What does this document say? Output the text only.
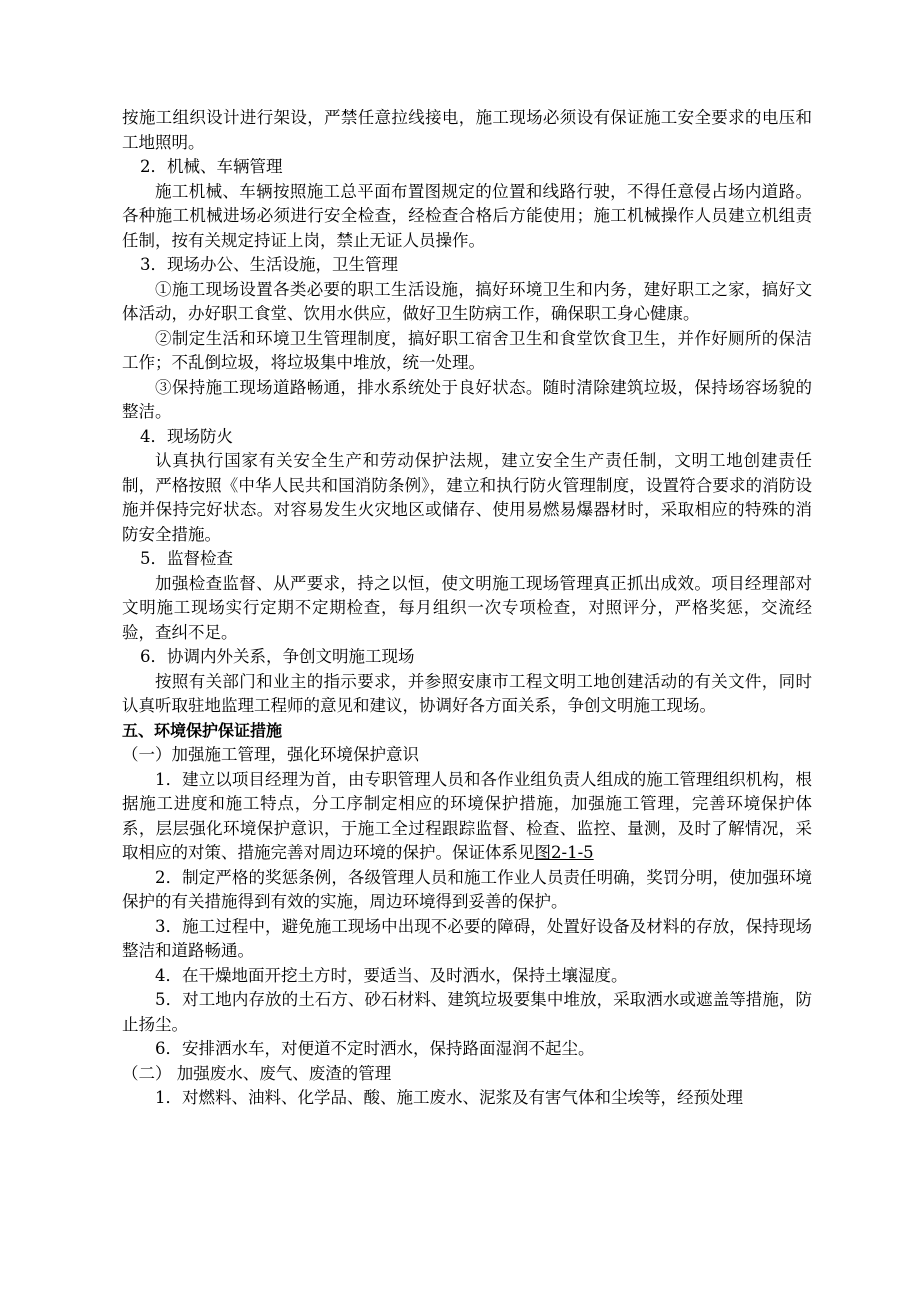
按施工组织设计进行架设，严禁任意拉线接电，施工现场必须设有保证施工安全要求的电压和工地照明。

2．机械、车辆管理

施工机械、车辆按照施工总平面布置图规定的位置和线路行驶，不得任意侵占场内道路。各种施工机械进场必须进行安全检查，经检查合格后方能使用；施工机械操作人员建立机组责任制，按有关规定持证上岗，禁止无证人员操作。

3．现场办公、生活设施，卫生管理

①施工现场设置各类必要的职工生活设施，搞好环境卫生和内务，建好职工之家，搞好文体活动，办好职工食堂、饮用水供应，做好卫生防病工作，确保职工身心健康。

②制定生活和环境卫生管理制度，搞好职工宿舍卫生和食堂饮食卫生，并作好厕所的保洁工作；不乱倒垃圾，将垃圾集中堆放，统一处理。

③保持施工现场道路畅通，排水系统处于良好状态。随时清除建筑垃圾，保持场容场貌的整洁。

4．现场防火

认真执行国家有关安全生产和劳动保护法规，建立安全生产责任制，文明工地创建责任制，严格按照《中华人民共和国消防条例》，建立和执行防火管理制度，设置符合要求的消防设施并保持完好状态。对容易发生火灾地区或储存、使用易燃易爆器材时，采取相应的特殊的消防安全措施。

5．监督检查

加强检查监督、从严要求，持之以恒，使文明施工现场管理真正抓出成效。项目经理部对文明施工现场实行定期不定期检查，每月组织一次专项检查，对照评分，严格奖惩，交流经验，查纠不足。

6．协调内外关系，争创文明施工现场

按照有关部门和业主的指示要求，并参照安康市工程文明工地创建活动的有关文件，同时认真听取驻地监理工程师的意见和建议，协调好各方面关系，争创文明施工现场。

五、环境保护保证措施

（一）加强施工管理，强化环境保护意识

1．建立以项目经理为首，由专职管理人员和各作业组负责人组成的施工管理组织机构，根据施工进度和施工特点，分工序制定相应的环境保护措施，加强施工管理，完善环境保护体系，层层强化环境保护意识，于施工全过程跟踪监督、检查、监控、量测，及时了解情况，采取相应的对策、措施完善对周边环境的保护。保证体系见图2-1-5

2．制定严格的奖惩条例，各级管理人员和施工作业人员责任明确，奖罚分明，使加强环境保护的有关措施得到有效的实施，周边环境得到妥善的保护。

3．施工过程中，避免施工现场中出现不必要的障碍，处置好设备及材料的存放，保持现场整洁和道路畅通。

4．在干燥地面开挖土方时，要适当、及时洒水，保持土壤湿度。

5．对工地内存放的土石方、砂石材料、建筑垃圾要集中堆放，采取洒水或遮盖等措施，防止扬尘。

6．安排洒水车，对便道不定时洒水，保持路面湿润不起尘。

（二） 加强废水、废气、废渣的管理

1．对燃料、油料、化学品、酸、施工废水、泥浆及有害气体和尘埃等，经预处理
